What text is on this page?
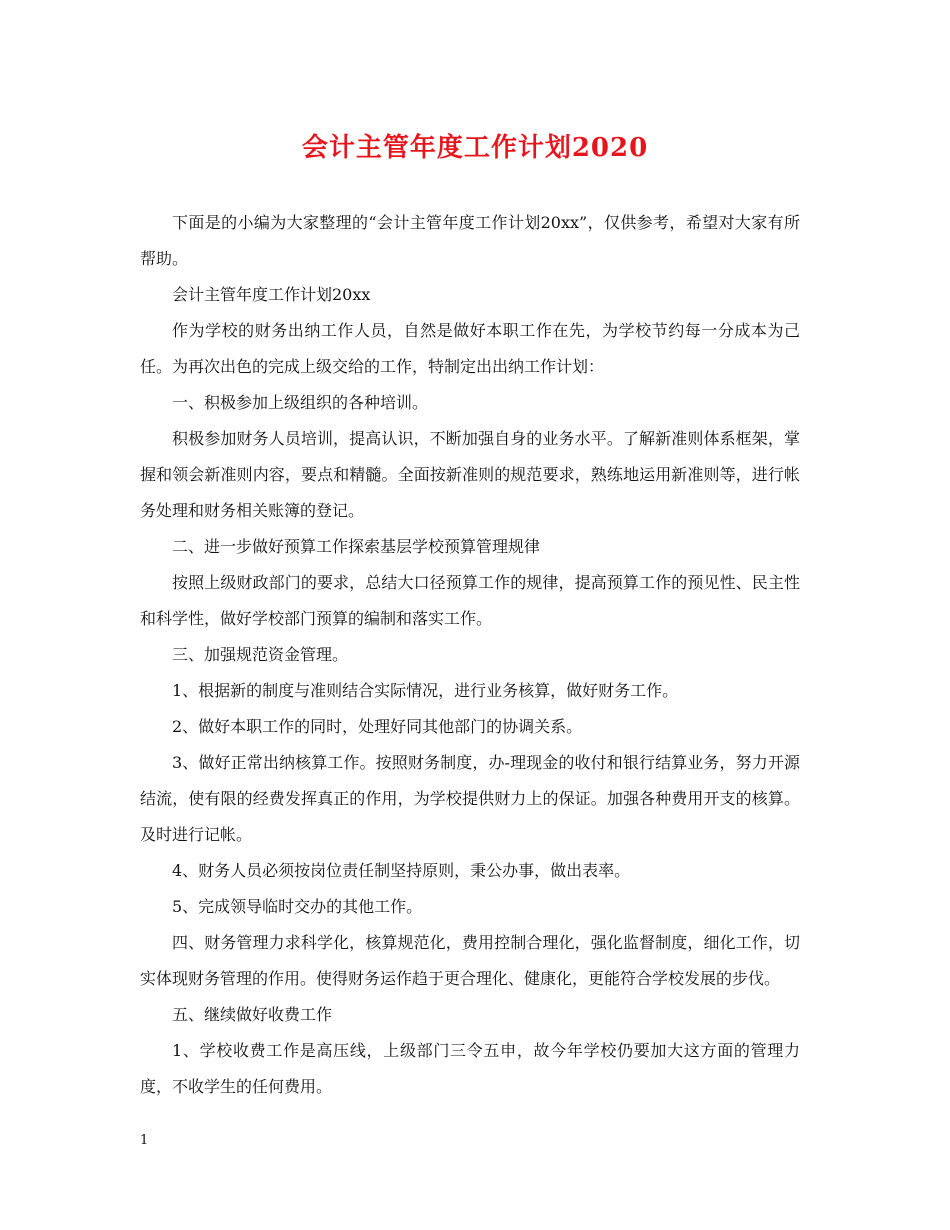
会计主管年度工作计划2020

下面是的小编为大家整理的“会计主管年度工作计划20xx”，仅供参考，希望对大家有所帮助。

会计主管年度工作计划20xx

作为学校的财务出纳工作人员，自然是做好本职工作在先，为学校节约每一分成本为己任。为再次出色的完成上级交给的工作，特制定出出纳工作计划：

一、积极参加上级组织的各种培训。

积极参加财务人员培训，提高认识，不断加强自身的业务水平。了解新准则体系框架，掌握和领会新准则内容，要点和精髓。全面按新准则的规范要求，熟练地运用新准则等，进行帐务处理和财务相关账簿的登记。

二、进一步做好预算工作探索基层学校预算管理规律

按照上级财政部门的要求，总结大口径预算工作的规律，提高预算工作的预见性、民主性和科学性，做好学校部门预算的编制和落实工作。

三、加强规范资金管理。

1、根据新的制度与准则结合实际情况，进行业务核算，做好财务工作。

2、做好本职工作的同时，处理好同其他部门的协调关系。

3、做好正常出纳核算工作。按照财务制度，办-理现金的收付和银行结算业务，努力开源结流，使有限的经费发挥真正的作用，为学校提供财力上的保证。加强各种费用开支的核算。及时进行记帐。

4、财务人员必须按岗位责任制坚持原则，秉公办事，做出表率。

5、完成领导临时交办的其他工作。

四、财务管理力求科学化，核算规范化，费用控制合理化，强化监督制度，细化工作，切实体现财务管理的作用。使得财务运作趋于更合理化、健康化，更能符合学校发展的步伐。

五、继续做好收费工作

1、学校收费工作是高压线，上级部门三令五申，故今年学校仍要加大这方面的管理力度，不收学生的任何费用。

1
